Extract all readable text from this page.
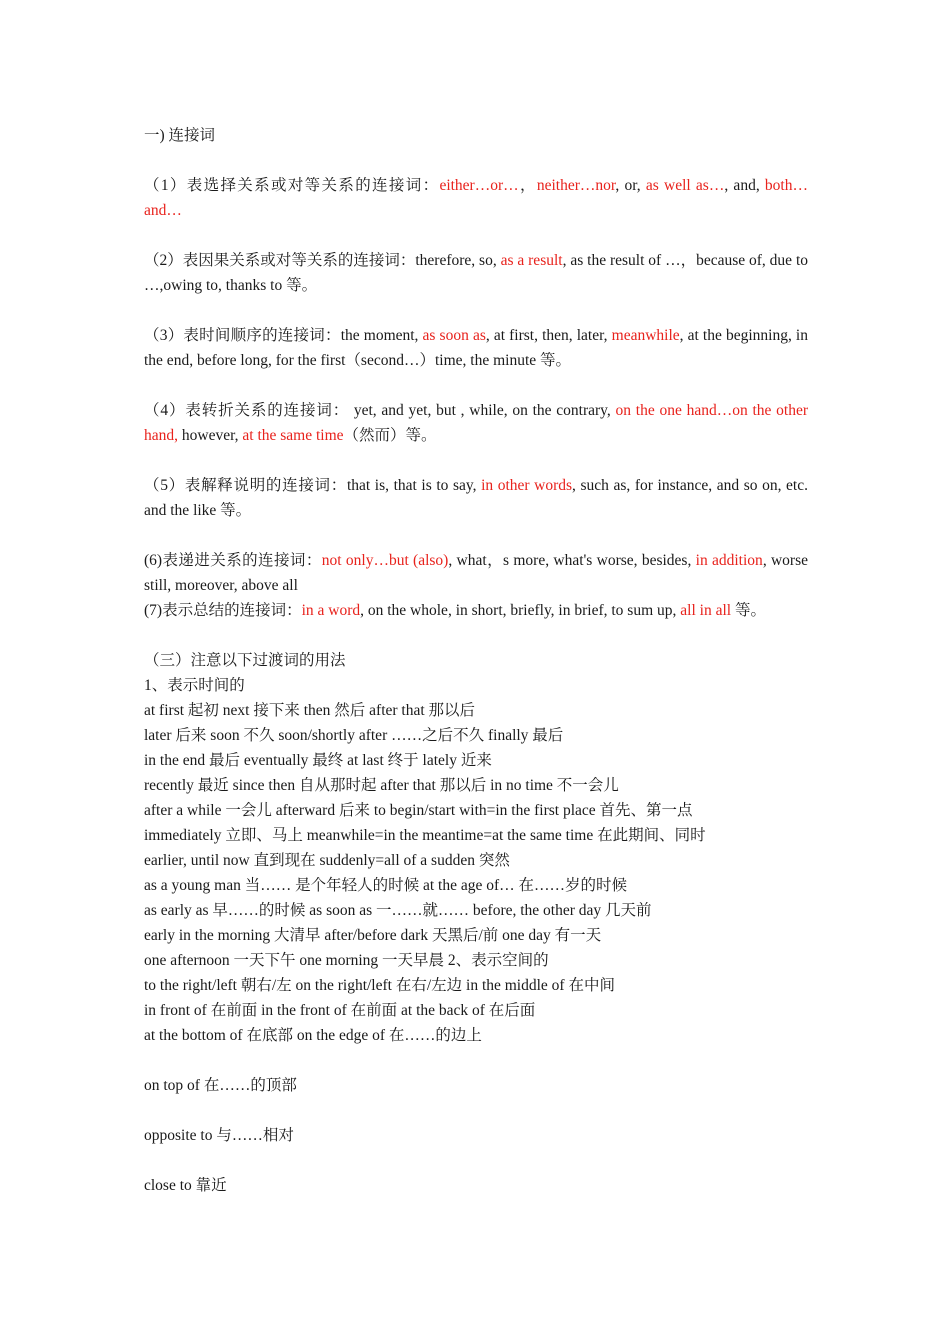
一) 连接词

（1）表选择关系或对等关系的连接词：either…or…，neither…nor, or, as well as…, and, both…and…

（2）表因果关系或对等关系的连接词：therefore, so, as a result, as the result of …，because of, due to …,owing to, thanks to 等。

（3）表时间顺序的连接词：the moment, as soon as, at first, then, later, meanwhile, at the beginning, in the end, before long, for the first（second…）time, the minute 等。

（4）表转折关系的连接词： yet, and yet, but , while, on the contrary, on the one hand…on the other hand, however, at the same time（然而）等。

（5）表解释说明的连接词：that is, that is to say, in other words, such as, for instance, and so on, etc. and the like 等。

(6)表递进关系的连接词：not only…but (also), what，s more, what's worse, besides, in addition, worse still, moreover, above all

(7)表示总结的连接词：in a word, on the whole, in short, briefly, in brief, to sum up, all in all 等。

（三）注意以下过渡词的用法

1、表示时间的

at first 起初 next 接下来 then 然后 after that 那以后

later 后来 soon 不久 soon/shortly after ……之后不久 finally 最后

in the end 最后 eventually 最终 at last 终于 lately 近来

recently 最近 since then 自从那时起 after that 那以后 in no time 不一会儿

after a while 一会儿 afterward 后来 to begin/start with=in the first place 首先、第一点

immediately 立即、马上 meanwhile=in the meantime=at the same time 在此期间、同时

earlier, until now 直到现在 suddenly=all of a sudden 突然

as a young man 当…… 是个年轻人的时候 at the age of… 在……岁的时候

as early as 早……的时候 as soon as 一……就…… before, the other day 几天前

early in the morning 大清早 after/before dark 天黑后/前 one day 有一天

one afternoon 一天下午 one morning 一天早晨 2、表示空间的

to the right/left 朝右/左 on the right/left 在右/左边 in the middle of 在中间

in front of 在前面 in the front of 在前面 at the back of 在后面

at the bottom of 在底部 on the edge of 在……的边上

on top of 在……的顶部

opposite to 与……相对

close to 靠近
